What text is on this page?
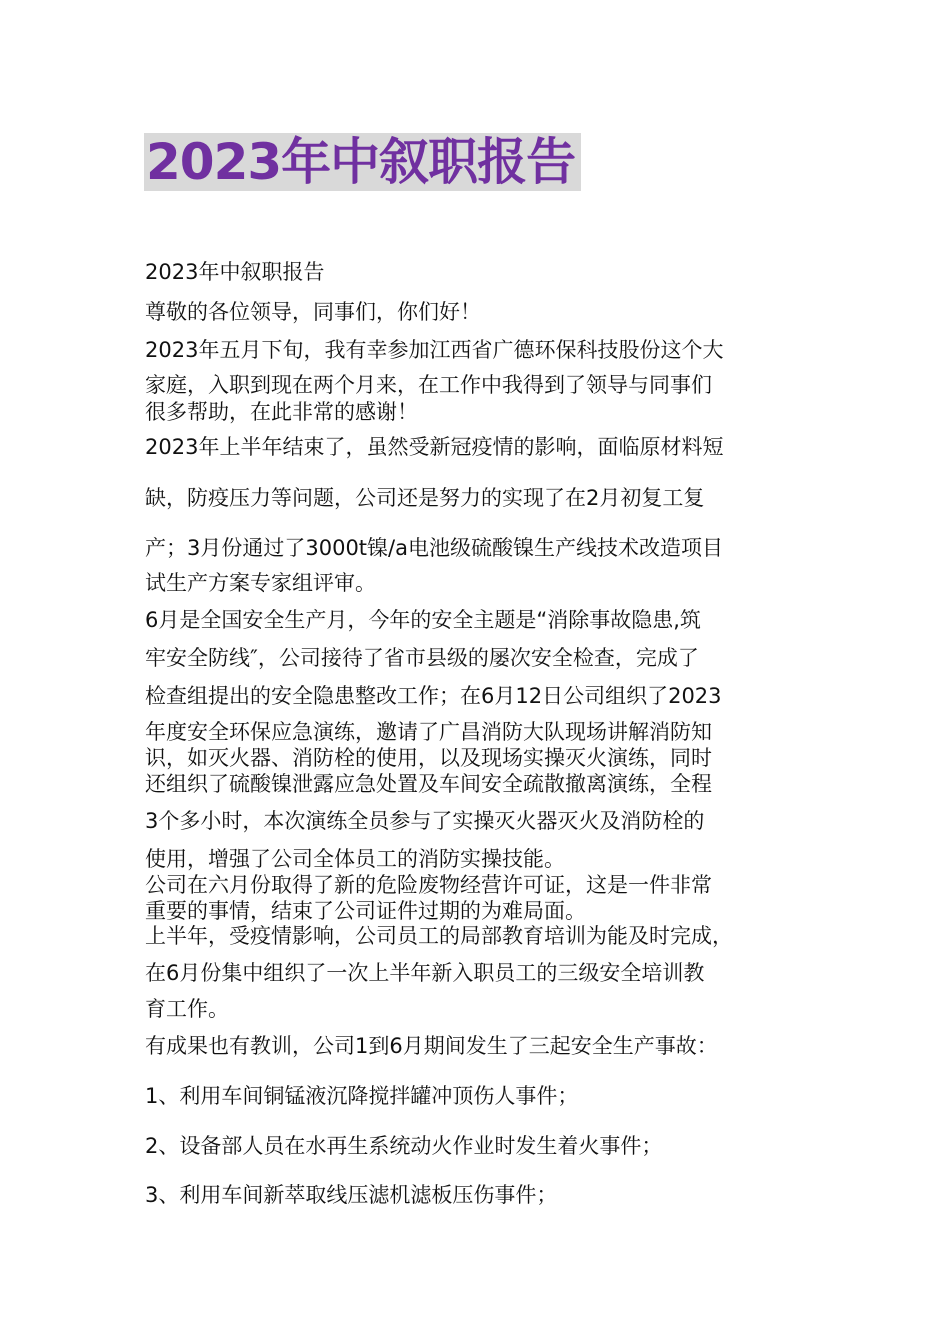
2023年中叙职报告
2023年中叙职报告
尊敬的各位领导，同事们，你们好！
2023年五月下旬，我有幸参加江西省广德环保科技股份这个大
家庭，入职到现在两个月来，在工作中我得到了领导与同事们
很多帮助，在此非常的感谢！
2023年上半年结束了，虽然受新冠疫情的影响，面临原材料短
缺，防疫压力等问题，公司还是努力的实现了在2月初复工复
产；3月份通过了3000t镍/a电池级硫酸镍生产线技术改造项目
试生产方案专家组评审。
6月是全国安全生产月，今年的安全主题是“消除事故隐患,筑
牢安全防线″，公司接待了省市县级的屡次安全检查，完成了
检查组提出的安全隐患整改工作；在6月12日公司组织了2023
年度安全环保应急演练，邀请了广昌消防大队现场讲解消防知
识，如灭火器、消防栓的使用，以及现场实操灭火演练，同时
还组织了硫酸镍泄露应急处置及车间安全疏散撤离演练，全程
3个多小时，本次演练全员参与了实操灭火器灭火及消防栓的
使用，增强了公司全体员工的消防实操技能。
公司在六月份取得了新的危险废物经营许可证，这是一件非常
重要的事情，结束了公司证件过期的为难局面。
上半年，受疫情影响，公司员工的局部教育培训为能及时完成，
在6月份集中组织了一次上半年新入职员工的三级安全培训教
育工作。
有成果也有教训，公司1到6月期间发生了三起安全生产事故：
1、利用车间铜锰液沉降搅拌罐冲顶伤人事件；
2、设备部人员在水再生系统动火作业时发生着火事件；
3、利用车间新萃取线压滤机滤板压伤事件；
